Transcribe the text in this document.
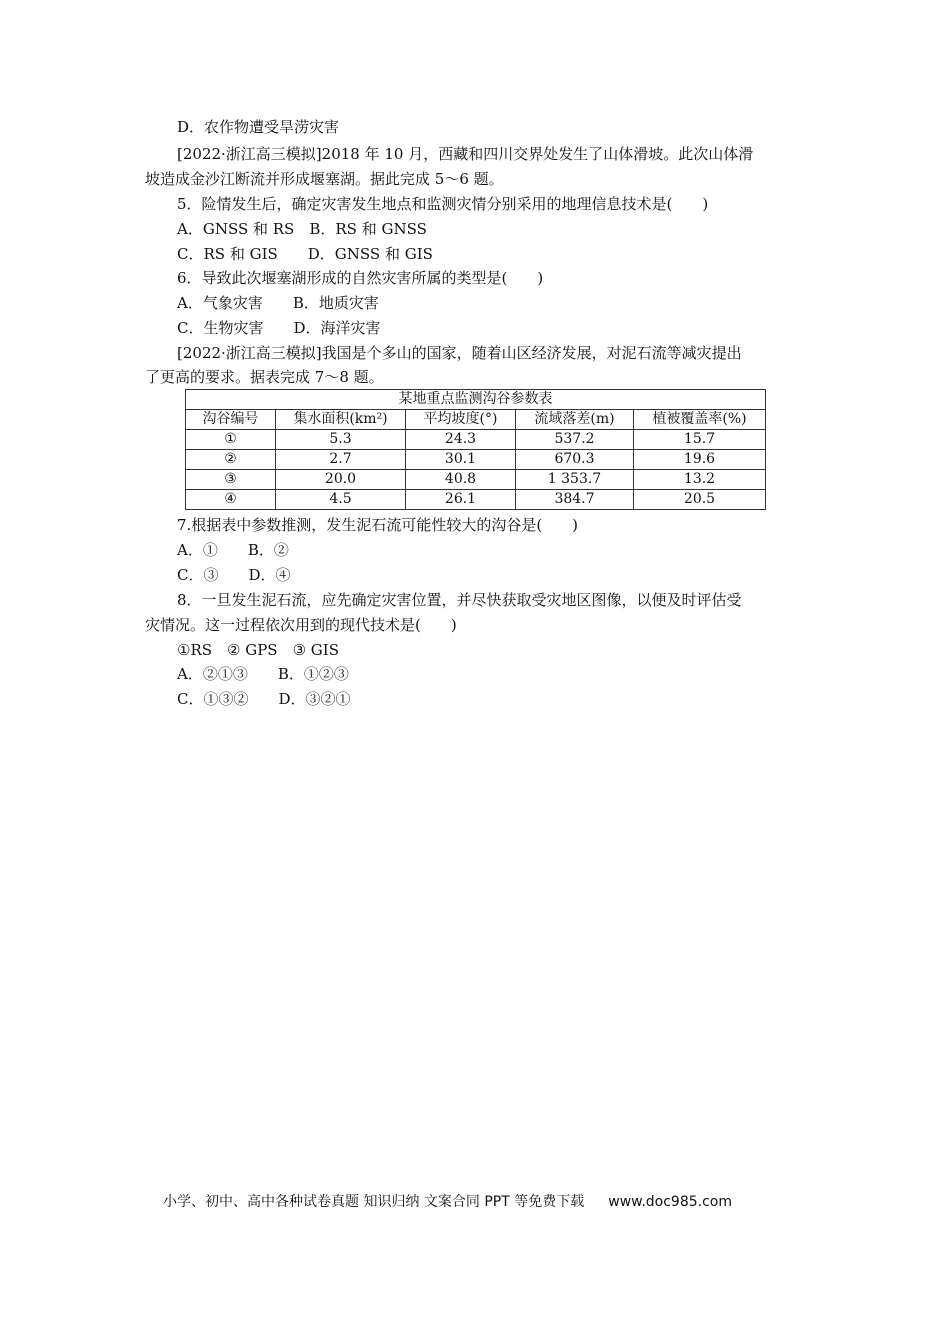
D．农作物遭受旱涝灾害
[2022·浙江高三模拟]2018 年 10 月，西藏和四川交界处发生了山体滑坡。此次山体滑
坡造成金沙江断流并形成堰塞湖。据此完成 5～6 题。
5．险情发生后，确定灾害发生地点和监测灾情分别采用的地理信息技术是(　　)
A．GNSS 和 RS　B．RS 和 GNSS
C．RS 和 GIS　　D．GNSS 和 GIS
6．导致此次堰塞湖形成的自然灾害所属的类型是(　　)
A．气象灾害　　B．地质灾害
C．生物灾害　　D．海洋灾害
[2022·浙江高三模拟]我国是个多山的国家，随着山区经济发展，对泥石流等减灾提出
了更高的要求。据表完成 7～8 题。
某地重点监测沟谷参数表				
沟谷编号	集水面积(km²)	平均坡度(°)	流域落差(m)	植被覆盖率(%)
①	5.3	24.3	537.2	15.7
②	2.7	30.1	670.3	19.6
③	20.0	40.8	1 353.7	13.2
④	4.5	26.1	384.7	20.5
7.根据表中参数推测，发生泥石流可能性较大的沟谷是(　　)
A．①　　B．②
C．③　　D．④
8．一旦发生泥石流，应先确定灾害位置，并尽快获取受灾地区图像，以便及时评估受
灾情况。这一过程依次用到的现代技术是(　　)
①RS　② GPS　③ GIS
A．②①③　　B．①②③
C．①③②　　D．③②①
小学、初中、高中各种试卷真题 知识归纳 文案合同 PPT 等免费下载 www.doc985.com
